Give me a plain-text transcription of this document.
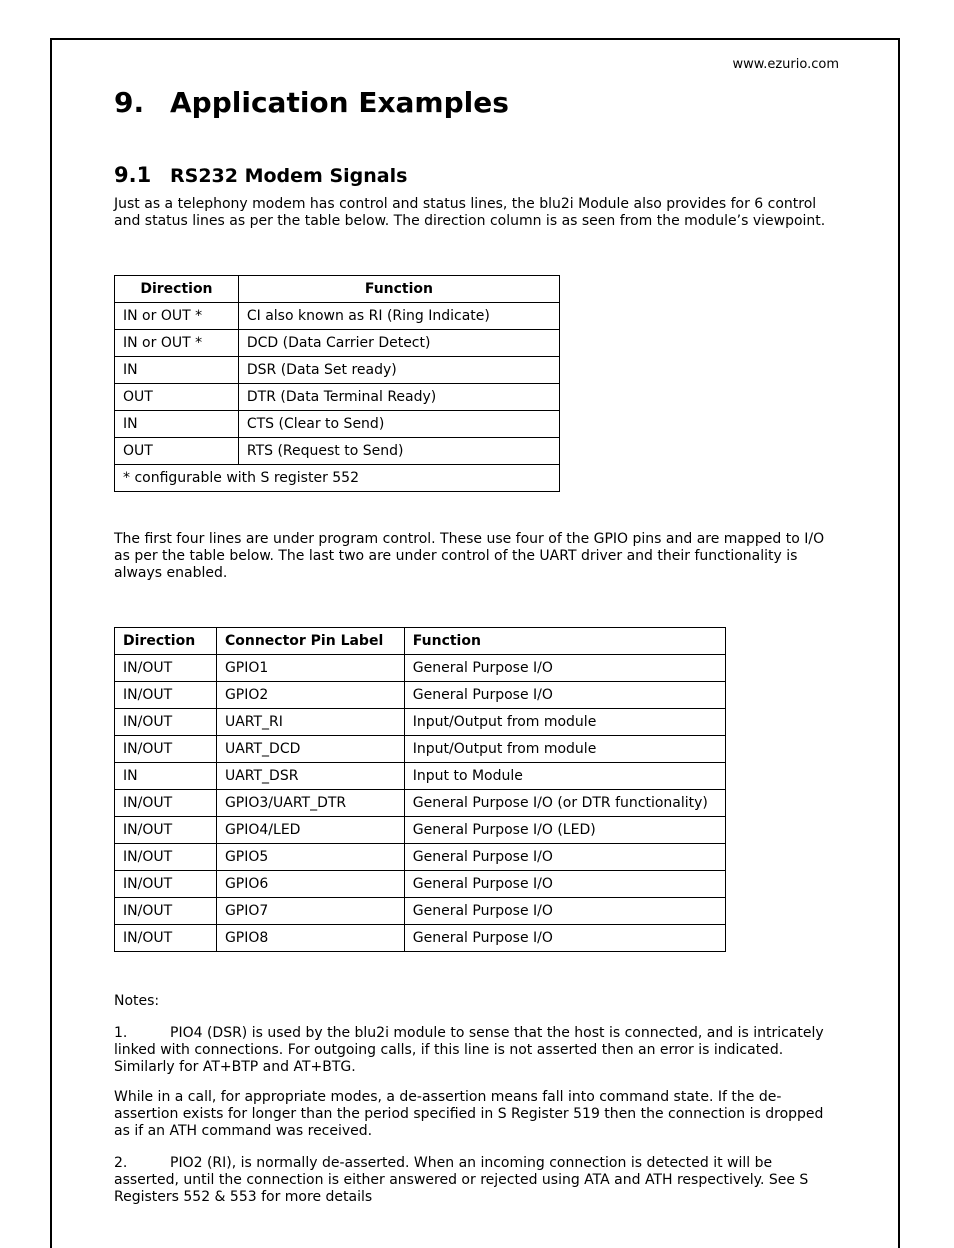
www.ezurio.com
9. Application Examples
9.1 RS232 Modem Signals

Just as a telephony modem has control and status lines, the blu2i Module also provides for 6 control and status lines as per the table below. The direction column is as seen from the module’s viewpoint.

Direction	Function
IN or OUT *	CI also known as RI (Ring Indicate)
IN or OUT *	DCD (Data Carrier Detect)
IN	DSR (Data Set ready)
OUT	DTR (Data Terminal Ready)
IN	CTS (Clear to Send)
OUT	RTS (Request to Send)
* configurable with S register 552	

The first four lines are under program control. These use four of the GPIO pins and are mapped to I/O as per the table below. The last two are under control of the UART driver and their functionality is always enabled.

Direction	Connector Pin Label	Function
IN/OUT	GPIO1	General Purpose I/O
IN/OUT	GPIO2	General Purpose I/O
IN/OUT	UART_RI	Input/Output from module
IN/OUT	UART_DCD	Input/Output from module
IN	UART_DSR	Input to Module
IN/OUT	GPIO3/UART_DTR	General Purpose I/O (or DTR functionality)
IN/OUT	GPIO4/LED	General Purpose I/O (LED)
IN/OUT	GPIO5	General Purpose I/O
IN/OUT	GPIO6	General Purpose I/O
IN/OUT	GPIO7	General Purpose I/O
IN/OUT	GPIO8	General Purpose I/O

Notes:

1.	PIO4 (DSR) is used by the blu2i module to sense that the host is connected, and is intricately linked with connections. For outgoing calls, if this line is not asserted then an error is indicated. Similarly for AT+BTP and AT+BTG.

While in a call, for appropriate modes, a de-assertion means fall into command state. If the de-assertion exists for longer than the period specified in S Register 519 then the connection is dropped as if an ATH command was received.

2.	PIO2 (RI), is normally de-asserted. When an incoming connection is detected it will be asserted, until the connection is either answered or rejected using ATA and ATH respectively. See S Registers 552 & 553 for more details
